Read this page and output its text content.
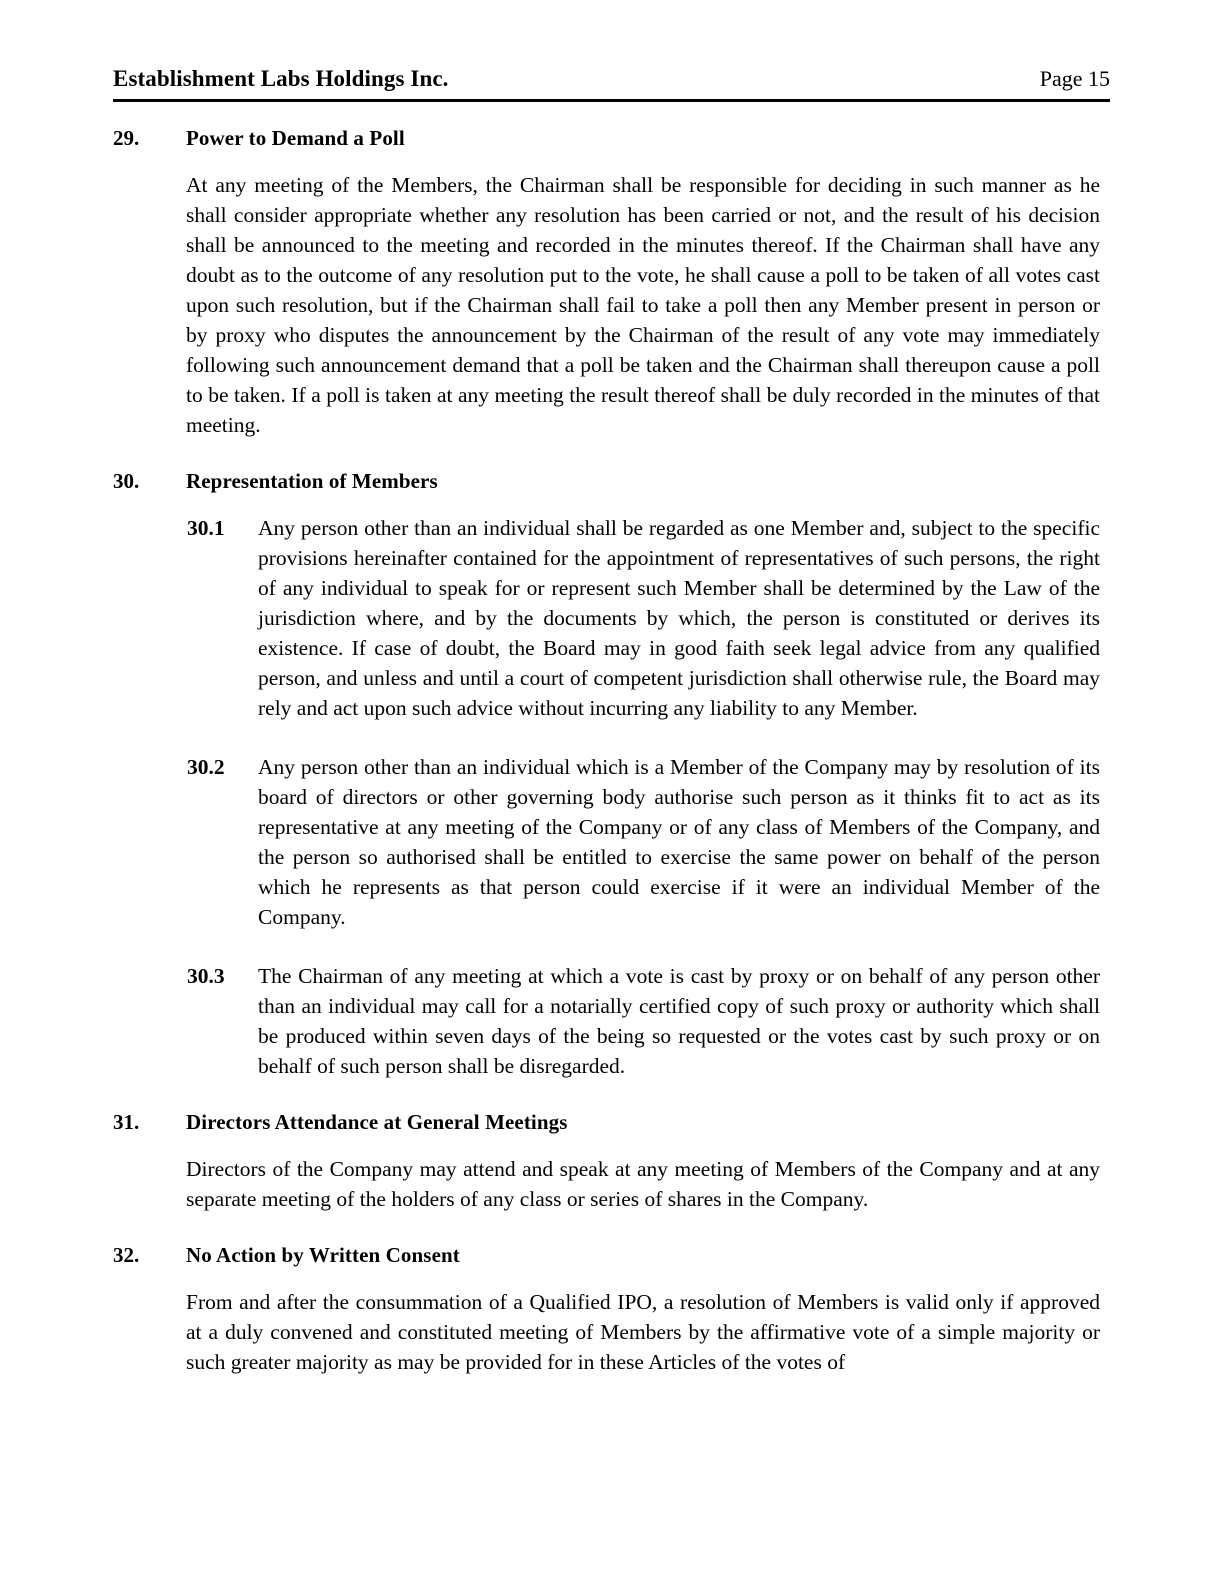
Establishment Labs Holdings Inc.	Page 15
29.	Power to Demand a Poll

At any meeting of the Members, the Chairman shall be responsible for deciding in such manner as he shall consider appropriate whether any resolution has been carried or not, and the result of his decision shall be announced to the meeting and recorded in the minutes thereof. If the Chairman shall have any doubt as to the outcome of any resolution put to the vote, he shall cause a poll to be taken of all votes cast upon such resolution, but if the Chairman shall fail to take a poll then any Member present in person or by proxy who disputes the announcement by the Chairman of the result of any vote may immediately following such announcement demand that a poll be taken and the Chairman shall thereupon cause a poll to be taken. If a poll is taken at any meeting the result thereof shall be duly recorded in the minutes of that meeting.

30.	Representation of Members
30.1	Any person other than an individual shall be regarded as one Member and, subject to the specific provisions hereinafter contained for the appointment of representatives of such persons, the right of any individual to speak for or represent such Member shall be determined by the Law of the jurisdiction where, and by the documents by which, the person is constituted or derives its existence. If case of doubt, the Board may in good faith seek legal advice from any qualified person, and unless and until a court of competent jurisdiction shall otherwise rule, the Board may rely and act upon such advice without incurring any liability to any Member.
30.2	Any person other than an individual which is a Member of the Company may by resolution of its board of directors or other governing body authorise such person as it thinks fit to act as its representative at any meeting of the Company or of any class of Members of the Company, and the person so authorised shall be entitled to exercise the same power on behalf of the person which he represents as that person could exercise if it were an individual Member of the Company.
30.3	The Chairman of any meeting at which a vote is cast by proxy or on behalf of any person other than an individual may call for a notarially certified copy of such proxy or authority which shall be produced within seven days of the being so requested or the votes cast by such proxy or on behalf of such person shall be disregarded.
31.	Directors Attendance at General Meetings

Directors of the Company may attend and speak at any meeting of Members of the Company and at any separate meeting of the holders of any class or series of shares in the Company.

32.	No Action by Written Consent

From and after the consummation of a Qualified IPO, a resolution of Members is valid only if approved at a duly convened and constituted meeting of Members by the affirmative vote of a simple majority or such greater majority as may be provided for in these Articles of the votes of
